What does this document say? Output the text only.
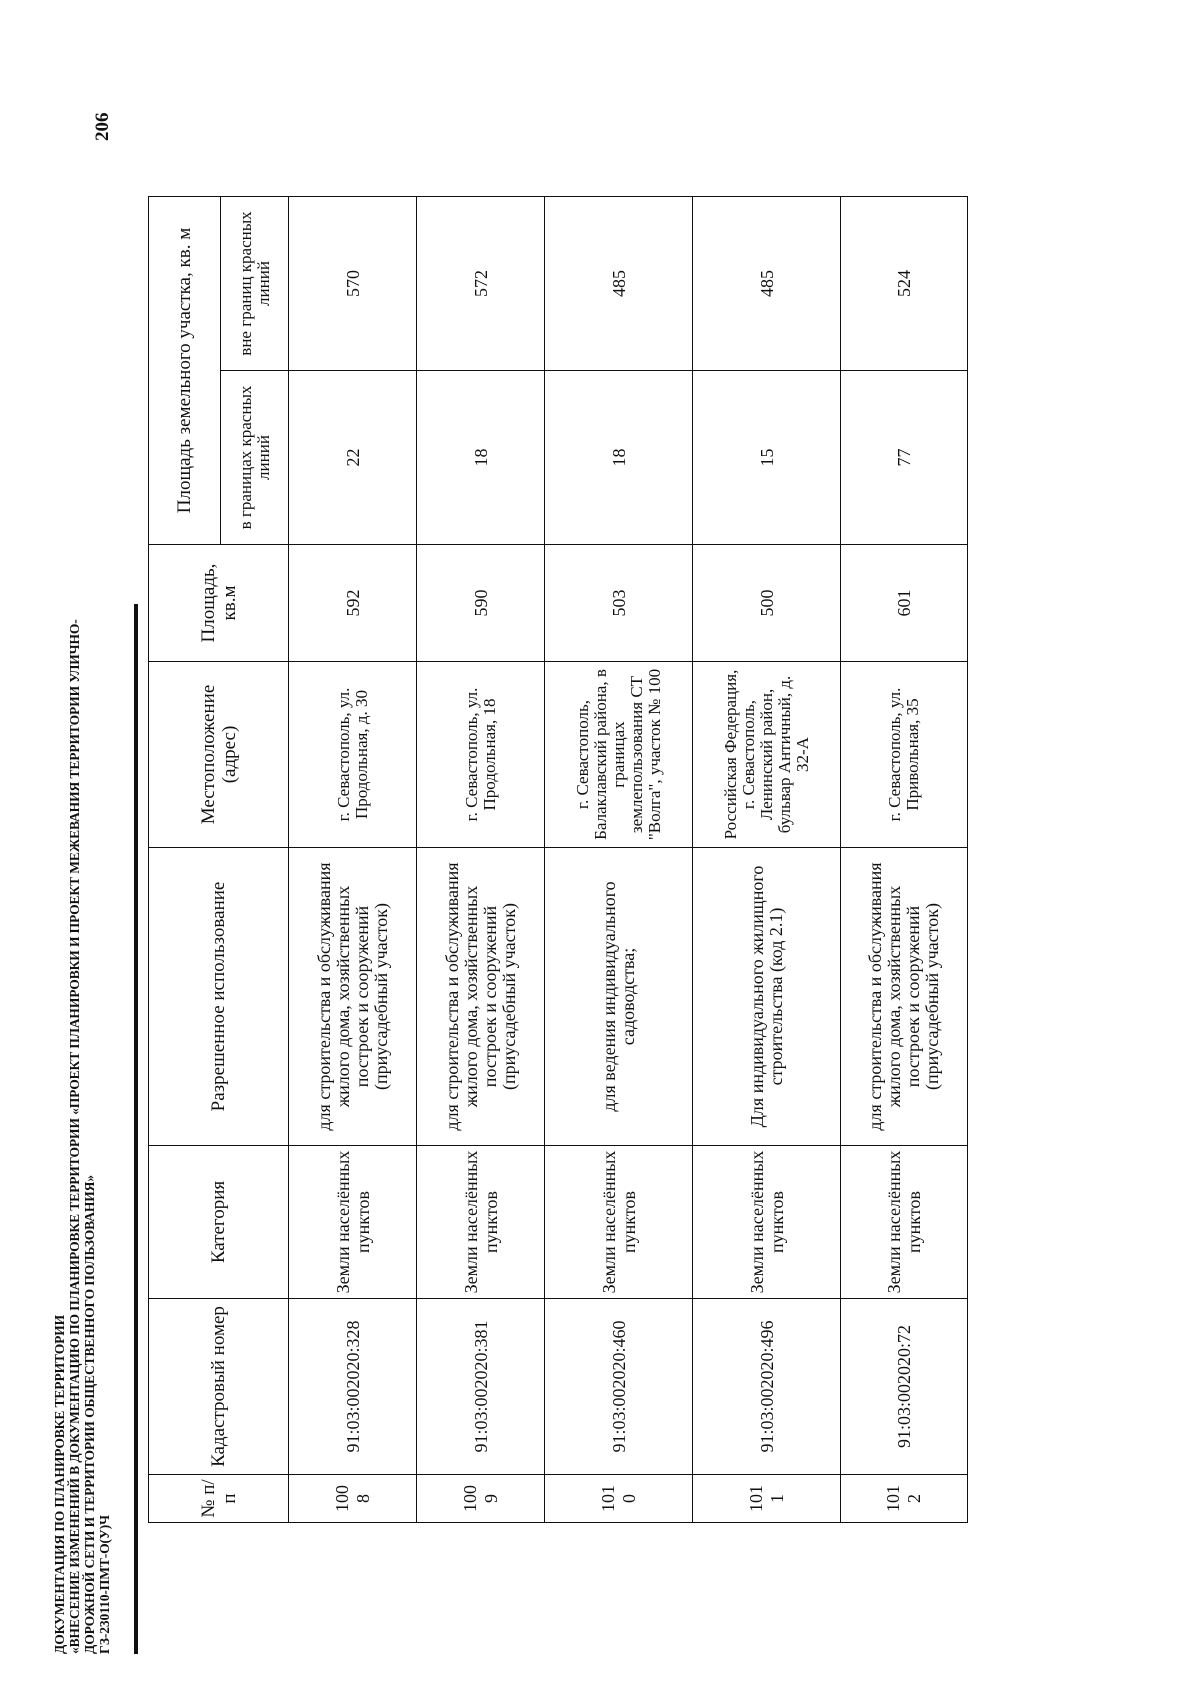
ДОКУМЕНТАЦИЯ ПО ПЛАНИРОВКЕ ТЕРРИТОРИИ «ВНЕСЕНИЕ ИЗМЕНЕНИЙ В ДОКУМЕНТАЦИЮ ПО ПЛАНИРОВКЕ ТЕРРИТОРИИ «ПРОЕКТ ПЛАНИРОВКИ И ПРОЕКТ МЕЖЕВАНИЯ ТЕРРИТОРИИ УЛИЧНО- ДОРОЖНОЙ СЕТИ И ТЕРРИТОРИИ ОБЩЕСТВЕННОГО ПОЛЬЗОВАНИЯ» ГЗ-230110-ПМТ-О(У)Ч
206
№ п/п	Кадастровый номер	Категория	Разрешенное использование	Местоположение (адрес)	Площадь, кв.м	Площадь земельного участка, кв. м	
						в границах красных линий	вне границ красных линий

1008	91:03:002020:328	Земли населённых пунктов	для строительства и обслуживания жилого дома, хозяйственных построек и сооружений (приусадебный участок)	г. Севастополь, ул. Продольная, д. 30	592	22	570

1009	91:03:002020:381	Земли населённых пунктов	для строительства и обслуживания жилого дома, хозяйственных построек и сооружений (приусадебный участок)	г. Севастополь, ул. Продольная, 18	590	18	572

1010	91:03:002020:460	Земли населённых пунктов	для ведения индивидуального садоводства;	г. Севастополь, Балаклавский района, в границах землепользования СТ "Волга", участок № 100	503	18	485

1011	91:03:002020:496	Земли населённых пунктов	Для индивидуального жилищного строительства (код 2.1)	Российская Федерация, г. Севастополь, Ленинский район, бульвар Античный, д. 32-А	500	15	485

1012	91:03:002020:72	Земли населённых пунктов	для строительства и обслуживания жилого дома, хозяйственных построек и сооружений (приусадебный участок)	г. Севастополь, ул. Привольная, 35	601	77	524
